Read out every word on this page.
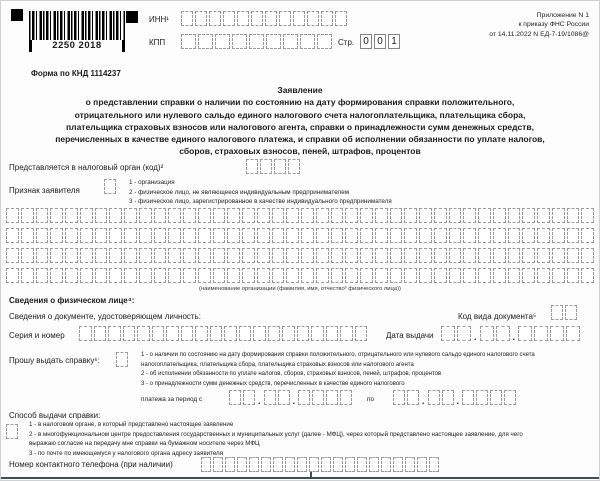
2250 2018
Форма по КНД 1114237
ИНН¹
КПП	Стр. 0 0 1
Приложение N 1
к приказу ФНС России
от 14.11.2022 N ЕД-7-19/1086@
Заявление
о представлении справки о наличии по состоянию на дату формирования справки положительного,
отрицательного или нулевого сальдо единого налогового счета налогоплательщика, плательщика сбора,
плательщика страховых взносов или налогового агента, справки о принадлежности сумм денежных средств,
перечисленных в качестве единого налогового платежа, и справки об исполнении обязанности по уплате налогов,
сборов, страховых взносов, пеней, штрафов, процентов
Представляется в налоговый орган (код)²
Признак заявителя
1 - организация
2 - физическое лицо, не являющееся индивидуальным предпринимателем
3 - физическое лицо, зарегистрированное в качестве индивидуального предпринимателя
(наименование организации (фамилия, имя, отчество³ физического лица))
Сведения о физическом лице⁴:
Сведения о документе, удостоверяющем личность:	Код вида документа⁵
Серия и номер	Дата выдачи	.	.
Прошу выдать справку⁶:
1 - о наличии по состоянию на дату формирования справки положительного, отрицательного или нулевого сальдо единого налогового счета
налогоплательщика, плательщика сбора, плательщика страховых взносов или налогового агента
2 - об исполнении обязанности по уплате налогов, сборов, страховых взносов, пеней, штрафов, процентов
3 - о принадлежности сумм денежных средств, перечисленных в качестве единого налогового
платежа за период с	.	.	по	.	.
Способ выдачи справки:
1 - в налоговом органе, в который представлено настоящее заявление
2 - в многофункциональном центре предоставления государственных и муниципальных услуг (далее - МФЦ), через который представлено настоящее заявление, для чего
выражаю согласие на передачу мне справки на бумажном носителе через МФЦ
3 - по почте по имеющемуся у налогового органа адресу заявителя
Номер контактного телефона (при наличии)
